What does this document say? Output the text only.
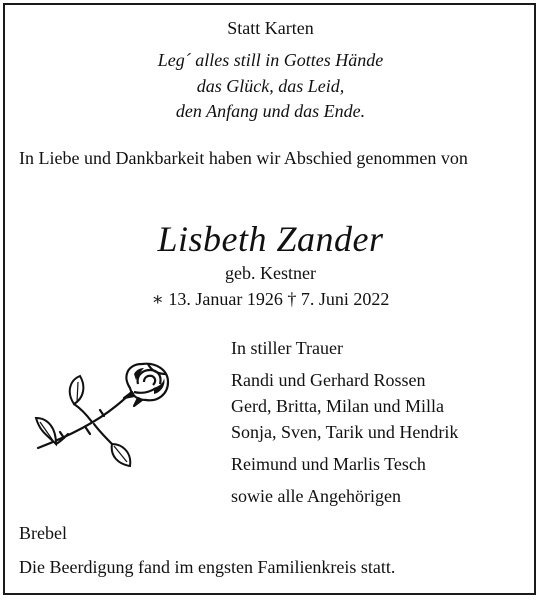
Statt Karten
Leg´ alles still in Gottes Hände
das Glück, das Leid,
den Anfang und das Ende.
In Liebe und Dankbarkeit haben wir Abschied genommen von
Lisbeth Zander
geb. Kestner
∗ 13. Januar 1926 † 7. Juni 2022
In stiller Trauer
Randi und Gerhard Rossen
Gerd, Britta, Milan und Milla
Sonja, Sven, Tarik und Hendrik
Reimund und Marlis Tesch
sowie alle Angehörigen
Brebel
Die Beerdigung fand im engsten Familienkreis statt.
